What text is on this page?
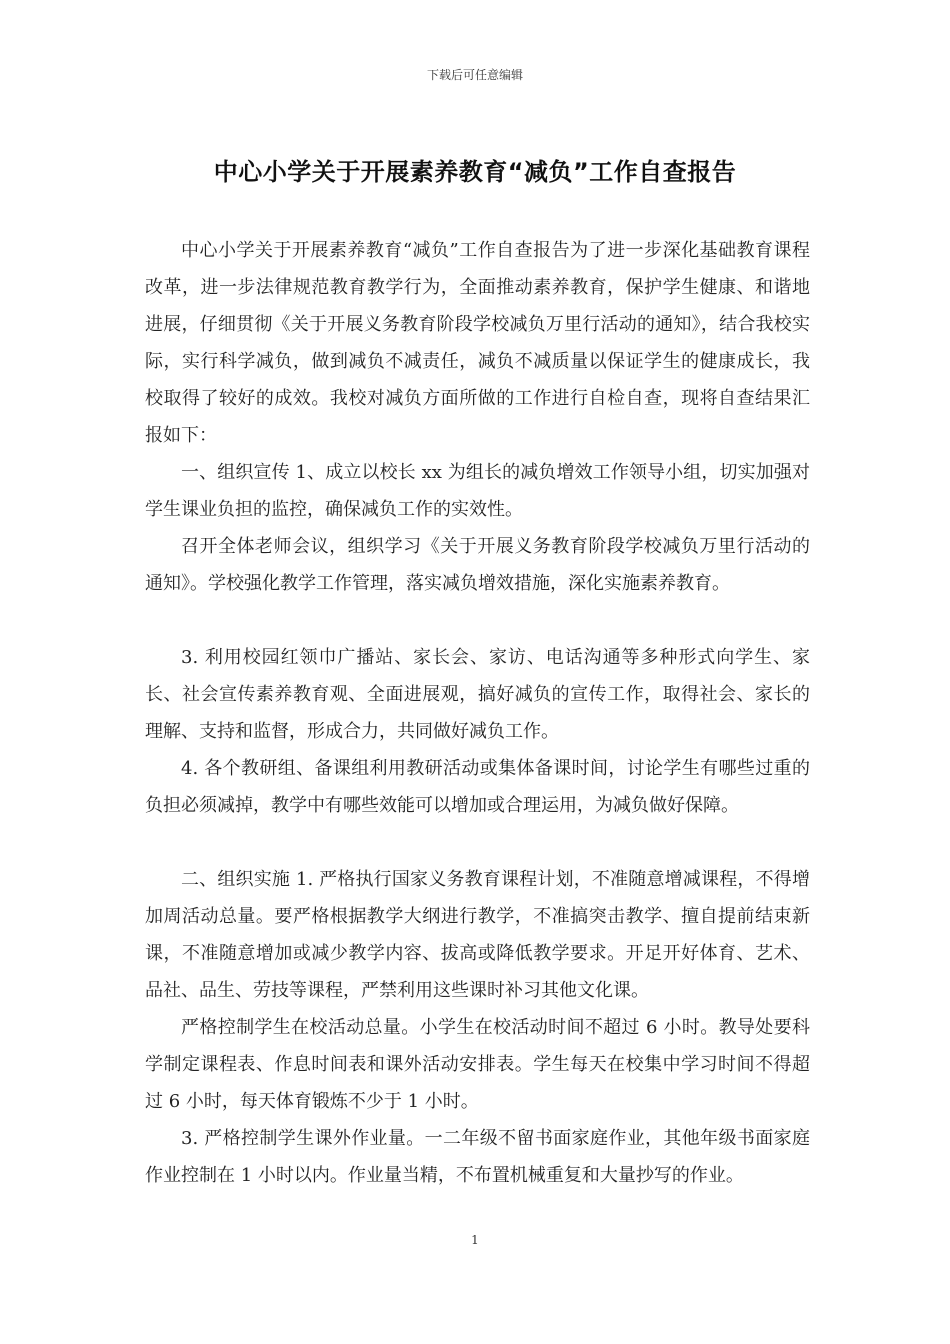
下载后可任意编辑
中心小学关于开展素养教育“减负”工作自查报告

中心小学关于开展素养教育“减负”工作自查报告为了进一步深化基础教育课程改革，进一步法律规范教育教学行为，全面推动素养教育，保护学生健康、和谐地进展，仔细贯彻《关于开展义务教育阶段学校减负万里行活动的通知》，结合我校实际，实行科学减负，做到减负不减责任，减负不减质量以保证学生的健康成长，我校取得了较好的成效。我校对减负方面所做的工作进行自检自查，现将自查结果汇报如下：

一、组织宣传 1、成立以校长 xx 为组长的减负增效工作领导小组，切实加强对学生课业负担的监控，确保减负工作的实效性。

召开全体老师会议，组织学习《关于开展义务教育阶段学校减负万里行活动的通知》。学校强化教学工作管理，落实减负增效措施，深化实施素养教育。

3. 利用校园红领巾广播站、家长会、家访、电话沟通等多种形式向学生、家长、社会宣传素养教育观、全面进展观，搞好减负的宣传工作，取得社会、家长的理解、支持和监督，形成合力，共同做好减负工作。

4. 各个教研组、备课组利用教研活动或集体备课时间，讨论学生有哪些过重的负担必须减掉，教学中有哪些效能可以增加或合理运用，为减负做好保障。

二、组织实施 1. 严格执行国家义务教育课程计划，不准随意增减课程，不得增加周活动总量。要严格根据教学大纲进行教学，不准搞突击教学、擅自提前结束新课，不准随意增加或减少教学内容、拔高或降低教学要求。开足开好体育、艺术、品社、品生、劳技等课程，严禁利用这些课时补习其他文化课。

严格控制学生在校活动总量。小学生在校活动时间不超过 6 小时。教导处要科学制定课程表、作息时间表和课外活动安排表。学生每天在校集中学习时间不得超过 6 小时，每天体育锻炼不少于 1 小时。

3. 严格控制学生课外作业量。一二年级不留书面家庭作业，其他年级书面家庭作业控制在 1 小时以内。作业量当精，不布置机械重复和大量抄写的作业。

1
